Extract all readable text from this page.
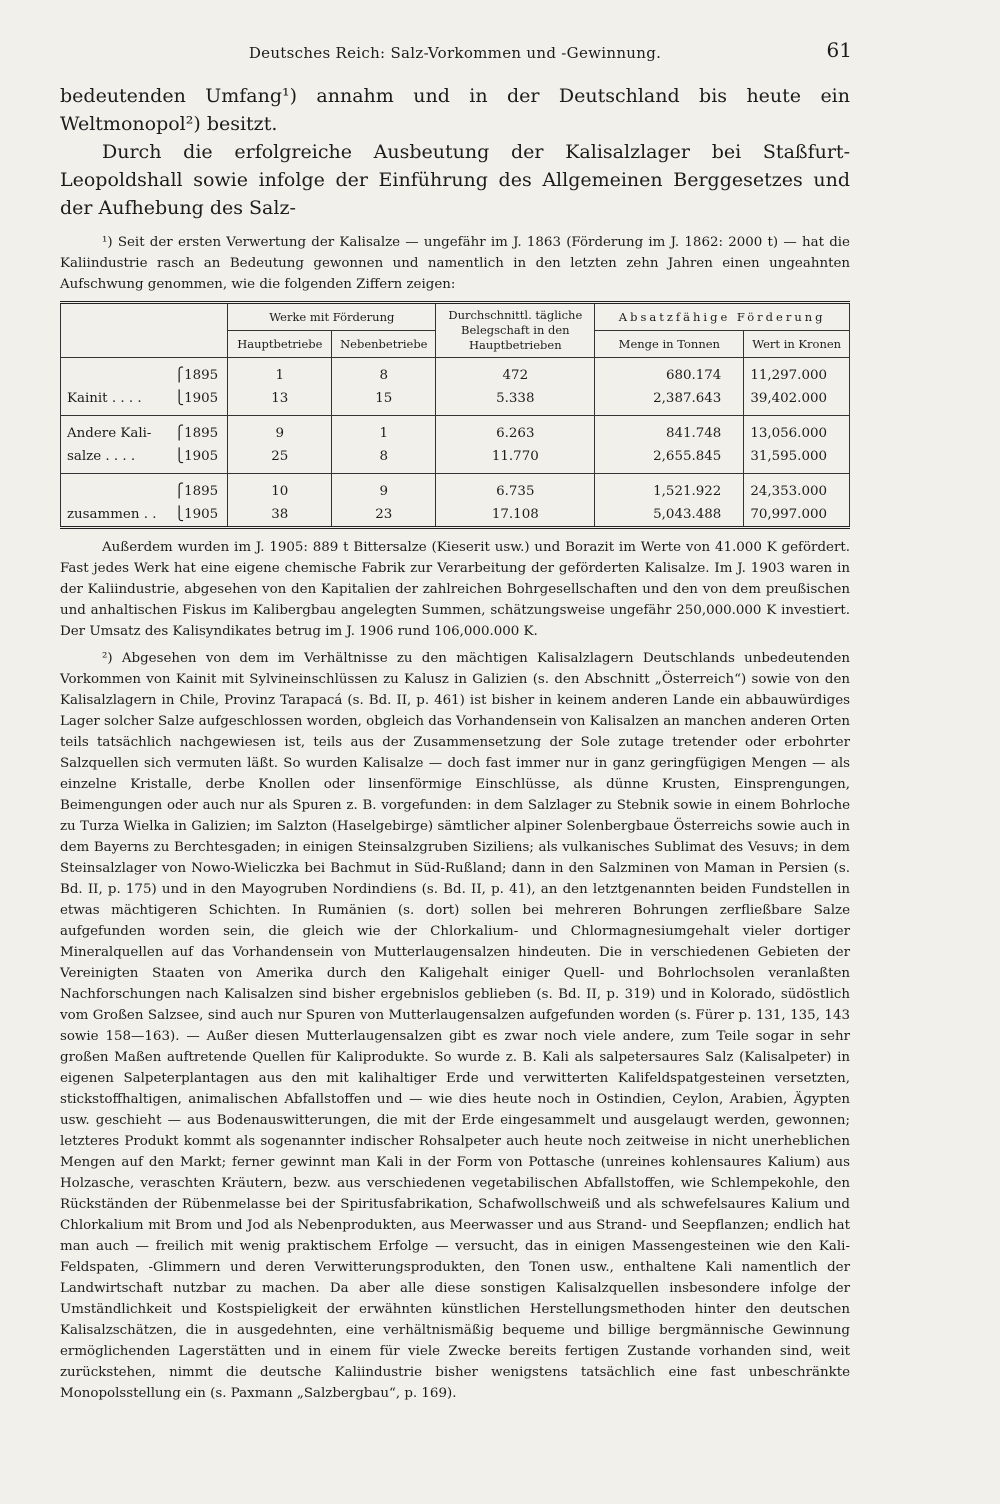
Deutsches Reich: Salz-Vorkommen und -Gewinnung.	61

bedeutenden Umfang¹) annahm und in der Deutschland bis heute ein Weltmonopol²) besitzt.

Durch die erfolgreiche Ausbeutung der Kalisalzlager bei Staßfurt-Leopoldshall sowie infolge der Einführung des Allgemeinen Berggesetzes und der Aufhebung des Salz-

¹) Seit der ersten Verwertung der Kalisalze — ungefähr im J. 1863 (Förderung im J. 1862: 2000 t) — hat die Kaliindustrie rasch an Bedeutung gewonnen und namentlich in den letzten zehn Jahren einen ungeahnten Aufschwung genommen, wie die folgenden Ziffern zeigen:

		Werke mit Förderung		Durchschnittl. tägliche Belegschaft in den Hauptbetrieben	Absatzfähige Förderung	
		Hauptbetriebe	Nebenbetriebe		Menge in Tonnen	Wert in Kronen
	⎧1895	1	8	472	680.174	11,297.000
Kainit . . . .	⎩1905	13	15	5.338	2,387.643	39,402.000
Andere Kali-	⎧1895	9	1	6.263	841.748	13,056.000
salze . . . .	⎩1905	25	8	11.770	2,655.845	31,595.000
	⎧1895	10	9	6.735	1,521.922	24,353.000
zusammen . .	⎩1905	38	23	17.108	5,043.488	70,997.000

Außerdem wurden im J. 1905: 889 t Bittersalze (Kieserit usw.) und Borazit im Werte von 41.000 K gefördert. Fast jedes Werk hat eine eigene chemische Fabrik zur Verarbeitung der geförderten Kalisalze. Im J. 1903 waren in der Kaliindustrie, abgesehen von den Kapitalien der zahlreichen Bohrgesellschaften und den von dem preußischen und anhaltischen Fiskus im Kalibergbau angelegten Summen, schätzungsweise ungefähr 250,000.000 K investiert. Der Umsatz des Kalisyndikates betrug im J. 1906 rund 106,000.000 K.

²) Abgesehen von dem im Verhältnisse zu den mächtigen Kalisalzlagern Deutschlands unbedeutenden Vorkommen von Kainit mit Sylvineinschlüssen zu Kalusz in Galizien (s. den Abschnitt „Österreich“) sowie von den Kalisalzlagern in Chile, Provinz Tarapacá (s. Bd. II, p. 461) ist bisher in keinem anderen Lande ein abbauwürdiges Lager solcher Salze aufgeschlossen worden, obgleich das Vorhandensein von Kalisalzen an manchen anderen Orten teils tatsächlich nachgewiesen ist, teils aus der Zusammensetzung der Sole zutage tretender oder erbohrter Salzquellen sich vermuten läßt. So wurden Kalisalze — doch fast immer nur in ganz geringfügigen Mengen — als einzelne Kristalle, derbe Knollen oder linsenförmige Einschlüsse, als dünne Krusten, Einsprengungen, Beimengungen oder auch nur als Spuren z. B. vorgefunden: in dem Salzlager zu Stebnik sowie in einem Bohrloche zu Turza Wielka in Galizien; im Salzton (Haselgebirge) sämtlicher alpiner Solenbergbaue Österreichs sowie auch in dem Bayerns zu Berchtesgaden; in einigen Steinsalzgruben Siziliens; als vulkanisches Sublimat des Vesuvs; in dem Steinsalzlager von Nowo-Wieliczka bei Bachmut in Süd-Rußland; dann in den Salzminen von Maman in Persien (s. Bd. II, p. 175) und in den Mayogruben Nordindiens (s. Bd. II, p. 41), an den letztgenannten beiden Fundstellen in etwas mächtigeren Schichten. In Rumänien (s. dort) sollen bei mehreren Bohrungen zerfließbare Salze aufgefunden worden sein, die gleich wie der Chlorkalium- und Chlormagnesiumgehalt vieler dortiger Mineralquellen auf das Vorhandensein von Mutterlaugensalzen hindeuten. Die in verschiedenen Gebieten der Vereinigten Staaten von Amerika durch den Kaligehalt einiger Quell- und Bohrlochsolen veranlaßten Nachforschungen nach Kalisalzen sind bisher ergebnislos geblieben (s. Bd. II, p. 319) und in Kolorado, südöstlich vom Großen Salzsee, sind auch nur Spuren von Mutterlaugensalzen aufgefunden worden (s. Fürer p. 131, 135, 143 sowie 158—163). — Außer diesen Mutterlaugensalzen gibt es zwar noch viele andere, zum Teile sogar in sehr großen Maßen auftretende Quellen für Kaliprodukte. So wurde z. B. Kali als salpetersaures Salz (Kalisalpeter) in eigenen Salpeterplantagen aus den mit kalihaltiger Erde und verwitterten Kalifeldspatgesteinen versetzten, stickstoffhaltigen, animalischen Abfallstoffen und — wie dies heute noch in Ostindien, Ceylon, Arabien, Ägypten usw. geschieht — aus Bodenauswitterungen, die mit der Erde eingesammelt und ausgelaugt werden, gewonnen; letzteres Produkt kommt als sogenannter indischer Rohsalpeter auch heute noch zeitweise in nicht unerheblichen Mengen auf den Markt; ferner gewinnt man Kali in der Form von Pottasche (unreines kohlensaures Kalium) aus Holzasche, veraschten Kräutern, bezw. aus verschiedenen vegetabilischen Abfallstoffen, wie Schlempekohle, den Rückständen der Rübenmelasse bei der Spiritusfabrikation, Schafwollschweiß und als schwefelsaures Kalium und Chlorkalium mit Brom und Jod als Nebenprodukten, aus Meerwasser und aus Strand- und Seepflanzen; endlich hat man auch — freilich mit wenig praktischem Erfolge — versucht, das in einigen Massengesteinen wie den Kali-Feldspaten, -Glimmern und deren Verwitterungsprodukten, den Tonen usw., enthaltene Kali namentlich der Landwirtschaft nutzbar zu machen. Da aber alle diese sonstigen Kalisalzquellen insbesondere infolge der Umständlichkeit und Kostspieligkeit der erwähnten künstlichen Herstellungsmethoden hinter den deutschen Kalisalzschätzen, die in ausgedehnten, eine verhältnismäßig bequeme und billige bergmännische Gewinnung ermöglichenden Lagerstätten und in einem für viele Zwecke bereits fertigen Zustande vorhanden sind, weit zurückstehen, nimmt die deutsche Kaliindustrie bisher wenigstens tatsächlich eine fast unbeschränkte Monopolsstellung ein (s. Paxmann „Salzbergbau“, p. 169).
